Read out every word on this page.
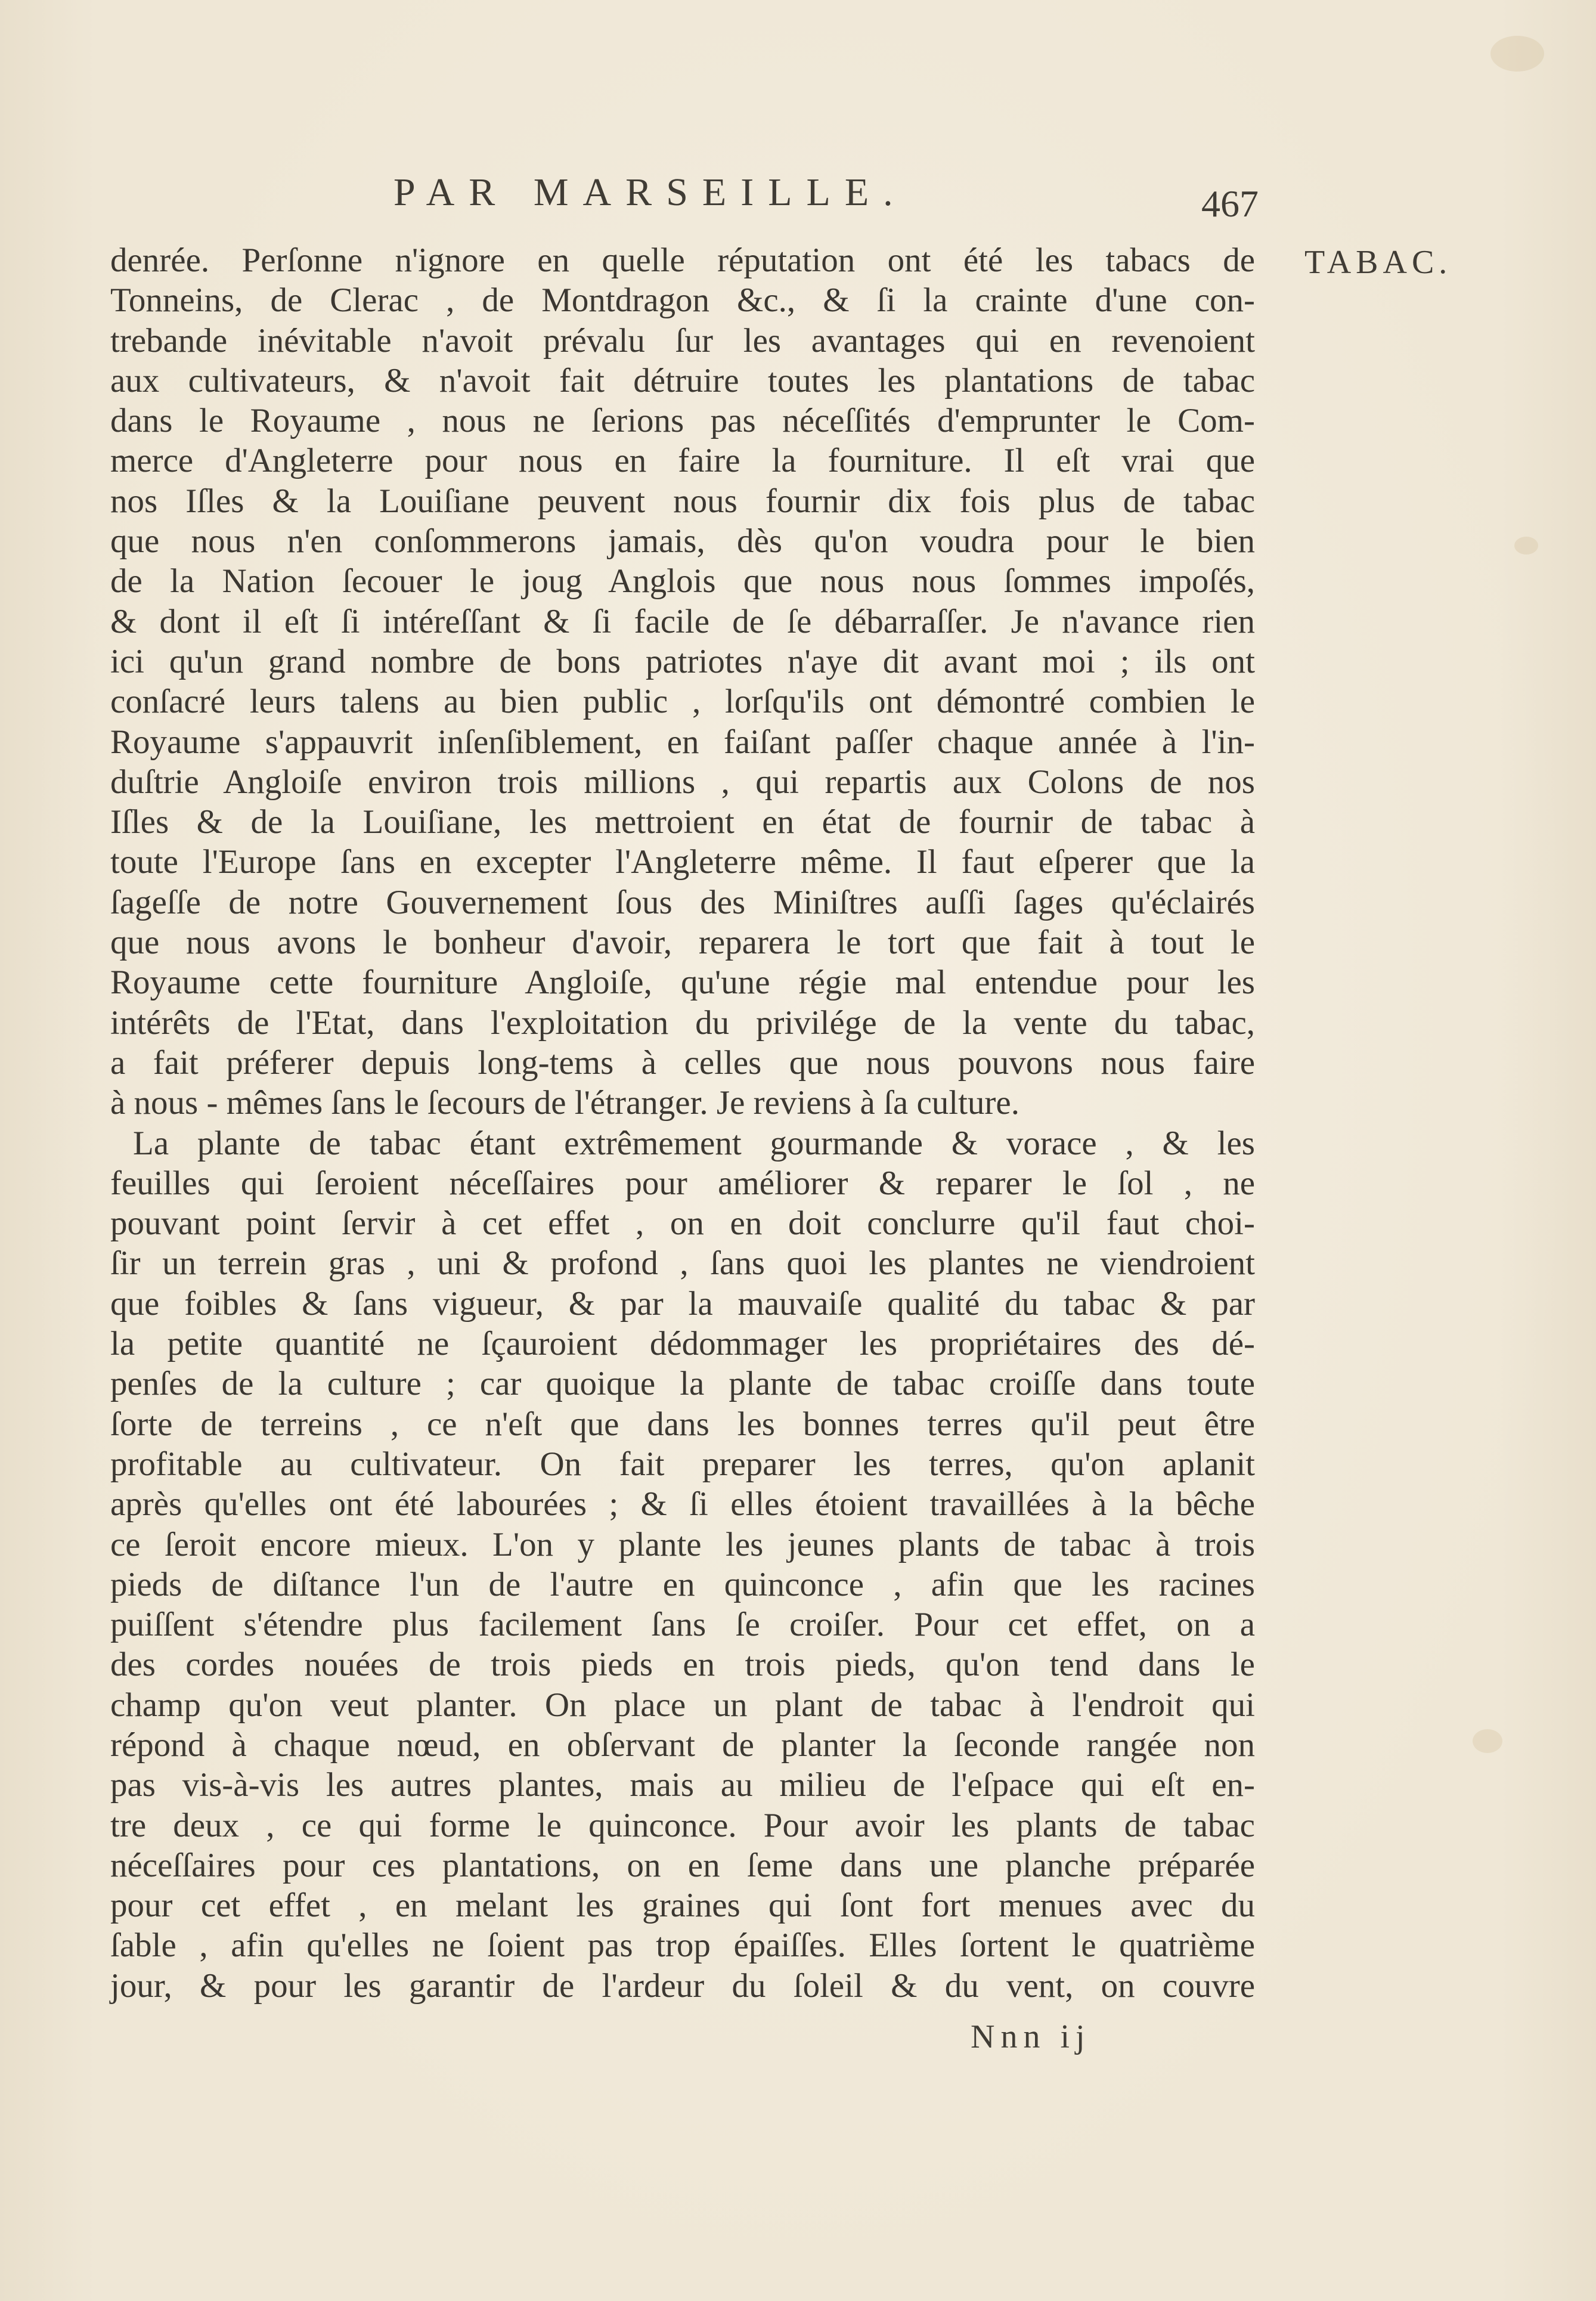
PAR MARSEILLE.	467
TABAC.
denrée. Perſonne n'ignore en quelle réputation ont été les tabacs de
Tonneins, de Clerac , de Montdragon &c., & ſi la crainte d'une con-
trebande inévitable n'avoit prévalu ſur les avantages qui en revenoient
aux cultivateurs, & n'avoit fait détruire toutes les plantations de tabac
dans le Royaume , nous ne ſerions pas néceſſités d'emprunter le Com-
merce d'Angleterre pour nous en faire la fourniture. Il eſt vrai que
nos Iſles & la Louiſiane peuvent nous fournir dix fois plus de tabac
que nous n'en conſommerons jamais, dès qu'on voudra pour le bien
de la Nation ſecouer le joug Anglois que nous nous ſommes impoſés,
& dont il eſt ſi intéreſſant & ſi facile de ſe débarraſſer. Je n'avance rien
ici qu'un grand nombre de bons patriotes n'aye dit avant moi ; ils ont
conſacré leurs talens au bien public , lorſqu'ils ont démontré combien le
Royaume s'appauvrit inſenſiblement, en faiſant paſſer chaque année à l'in-
duſtrie Angloiſe environ trois millions , qui repartis aux Colons de nos
Iſles & de la Louiſiane, les mettroient en état de fournir de tabac à
toute l'Europe ſans en excepter l'Angleterre même. Il faut eſperer que la
ſageſſe de notre Gouvernement ſous des Miniſtres auſſi ſages qu'éclairés
que nous avons le bonheur d'avoir, reparera le tort que fait à tout le
Royaume cette fourniture Angloiſe, qu'une régie mal entendue pour les
intérêts de l'Etat, dans l'exploitation du privilége de la vente du tabac,
a fait préferer depuis long-tems à celles que nous pouvons nous faire
à nous - mêmes ſans le ſecours de l'étranger. Je reviens à ſa culture.
La plante de tabac étant extrêmement gourmande & vorace , & les
feuilles qui ſeroient néceſſaires pour améliorer & reparer le ſol , ne
pouvant point ſervir à cet effet , on en doit conclurre qu'il faut choi-
ſir un terrein gras , uni & profond , ſans quoi les plantes ne viendroient
que foibles & ſans vigueur, & par la mauvaiſe qualité du tabac & par
la petite quantité ne ſçauroient dédommager les propriétaires des dé-
penſes de la culture ; car quoique la plante de tabac croiſſe dans toute
ſorte de terreins , ce n'eſt que dans les bonnes terres qu'il peut être
profitable au cultivateur. On fait preparer les terres, qu'on aplanit
après qu'elles ont été labourées ; & ſi elles étoient travaillées à la bêche
ce ſeroit encore mieux. L'on y plante les jeunes plants de tabac à trois
pieds de diſtance l'un de l'autre en quinconce , afin que les racines
puiſſent s'étendre plus facilement ſans ſe croiſer. Pour cet effet, on a
des cordes nouées de trois pieds en trois pieds, qu'on tend dans le
champ qu'on veut planter. On place un plant de tabac à l'endroit qui
répond à chaque nœud, en obſervant de planter la ſeconde rangée non
pas vis-à-vis les autres plantes, mais au milieu de l'eſpace qui eſt en-
tre deux , ce qui forme le quinconce. Pour avoir les plants de tabac
néceſſaires pour ces plantations, on en ſeme dans une planche préparée
pour cet effet , en melant les graines qui ſont fort menues avec du
ſable , afin qu'elles ne ſoient pas trop épaiſſes. Elles ſortent le quatrième
jour, & pour les garantir de l'ardeur du ſoleil & du vent, on couvre
Nnn ij
